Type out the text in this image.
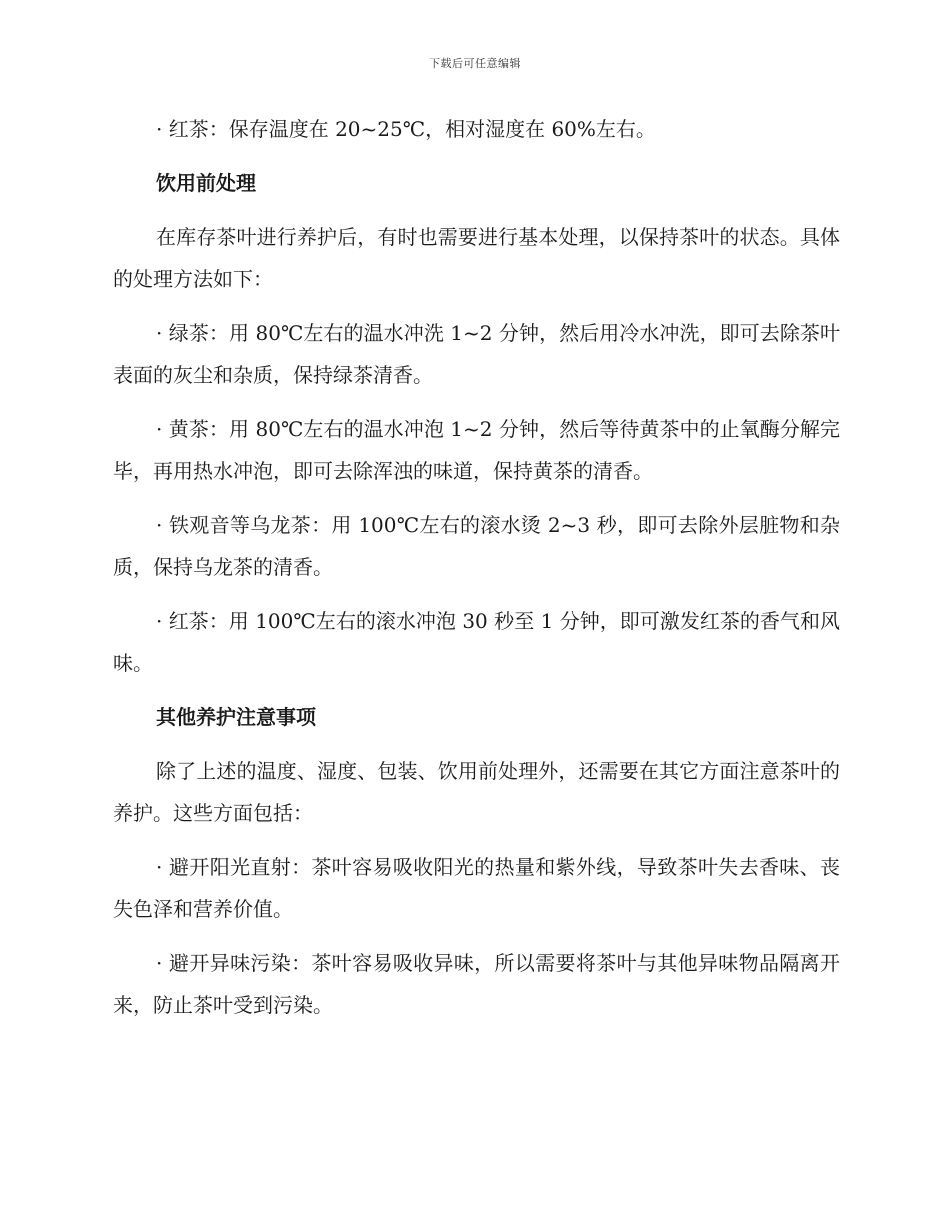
下载后可任意编辑

· 红茶：保存温度在 20~25℃，相对湿度在 60%左右。

饮用前处理

在库存茶叶进行养护后，有时也需要进行基本处理，以保持茶叶的状态。具体的处理方法如下：

· 绿茶：用 80℃左右的温水冲洗 1~2 分钟，然后用冷水冲洗，即可去除茶叶表面的灰尘和杂质，保持绿茶清香。

· 黄茶：用 80℃左右的温水冲泡 1~2 分钟，然后等待黄茶中的止氧酶分解完毕，再用热水冲泡，即可去除浑浊的味道，保持黄茶的清香。

· 铁观音等乌龙茶：用 100℃左右的滚水烫 2~3 秒，即可去除外层脏物和杂质，保持乌龙茶的清香。

· 红茶：用 100℃左右的滚水冲泡 30 秒至 1 分钟，即可激发红茶的香气和风味。

其他养护注意事项

除了上述的温度、湿度、包装、饮用前处理外，还需要在其它方面注意茶叶的养护。这些方面包括：

· 避开阳光直射：茶叶容易吸收阳光的热量和紫外线，导致茶叶失去香味、丧失色泽和营养价值。

· 避开异味污染：茶叶容易吸收异味，所以需要将茶叶与其他异味物品隔离开来，防止茶叶受到污染。
